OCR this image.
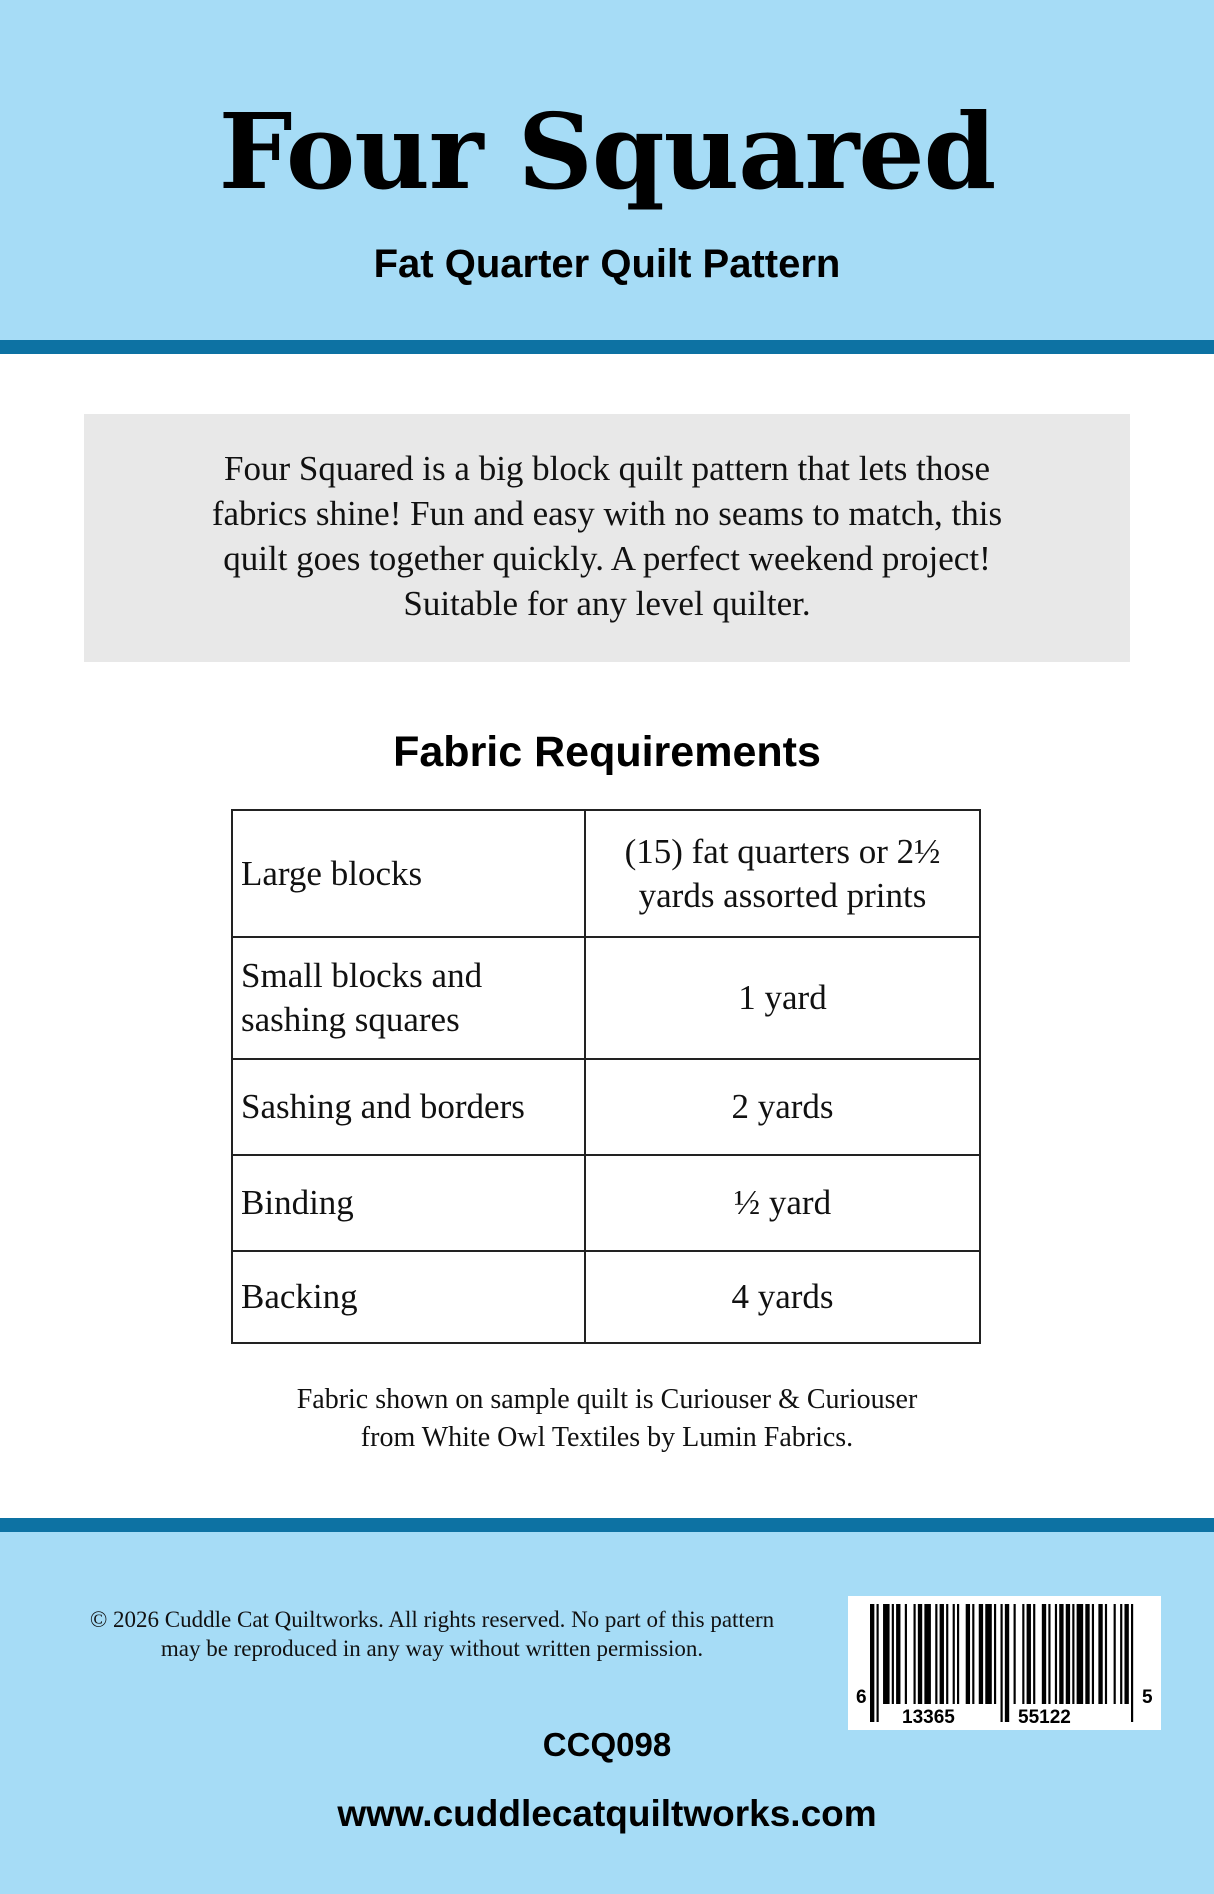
Four Squared
Fat Quarter Quilt Pattern
Four Squared is a big block quilt pattern that lets those
fabrics shine! Fun and easy with no seams to match, this
quilt goes together quickly. A perfect weekend project!
Suitable for any level quilter.
Fabric Requirements
Large blocks	(15) fat quarters or 2½
yards assorted prints

Small blocks and
sashing squares	1 yard

Sashing and borders	2 yards

Binding	½ yard

Backing	4 yards
Fabric shown on sample quilt is Curiouser & Curiouser
from White Owl Textiles by Lumin Fabrics.
© 2026 Cuddle Cat Quiltworks. All rights reserved. No part of this pattern
may be reproduced in any way without written permission.
6
13365	55122
5
CCQ098
www.cuddlecatquiltworks.com
